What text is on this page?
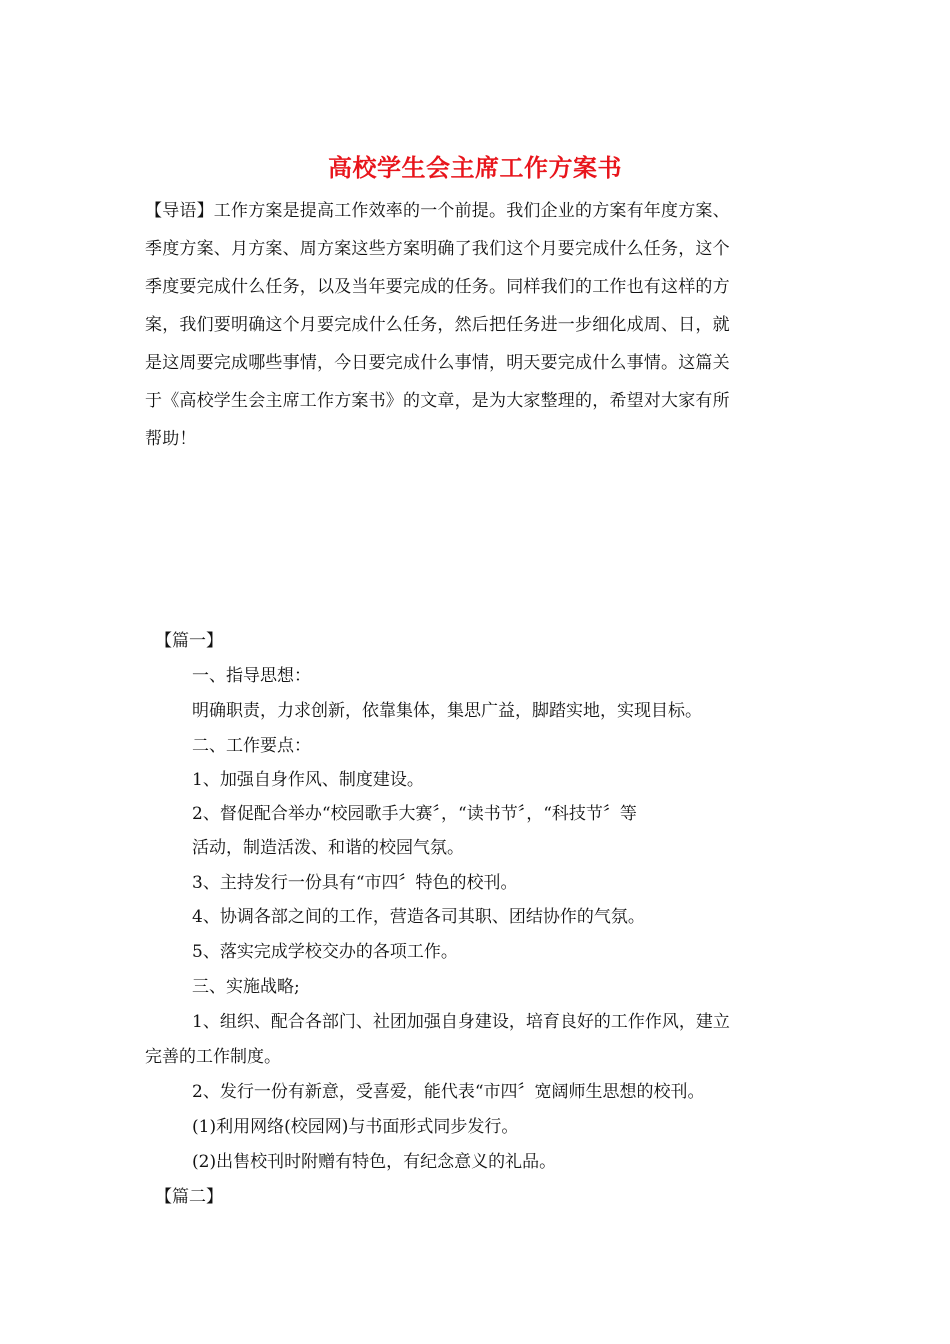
高校学生会主席工作方案书
【导语】工作方案是提高工作效率的一个前提。我们企业的方案有年度方案、
季度方案、月方案、周方案这些方案明确了我们这个月要完成什么任务，这个
季度要完成什么任务，以及当年要完成的任务。同样我们的工作也有这样的方
案，我们要明确这个月要完成什么任务，然后把任务进一步细化成周、日，就
是这周要完成哪些事情，今日要完成什么事情，明天要完成什么事情。这篇关
于《高校学生会主席工作方案书》的文章，是为大家整理的，希望对大家有所
帮助！
【篇一】
一、指导思想：
明确职责，力求创新，依靠集体，集思广益，脚踏实地，实现目标。
二、工作要点：
1、加强自身作风、制度建设。
2、督促配合举办“校园歌手大赛〞，“读书节〞，“科技节〞等
活动，制造活泼、和谐的校园气氛。
3、主持发行一份具有“市四〞特色的校刊。
4、协调各部之间的工作，营造各司其职、团结协作的气氛。
5、落实完成学校交办的各项工作。
三、实施战略;
1、组织、配合各部门、社团加强自身建设，培育良好的工作作风，建立
完善的工作制度。
2、发行一份有新意，受喜爱，能代表“市四〞宽阔师生思想的校刊。
(1)利用网络(校园网)与书面形式同步发行。
(2)出售校刊时附赠有特色，有纪念意义的礼品。
【篇二】
